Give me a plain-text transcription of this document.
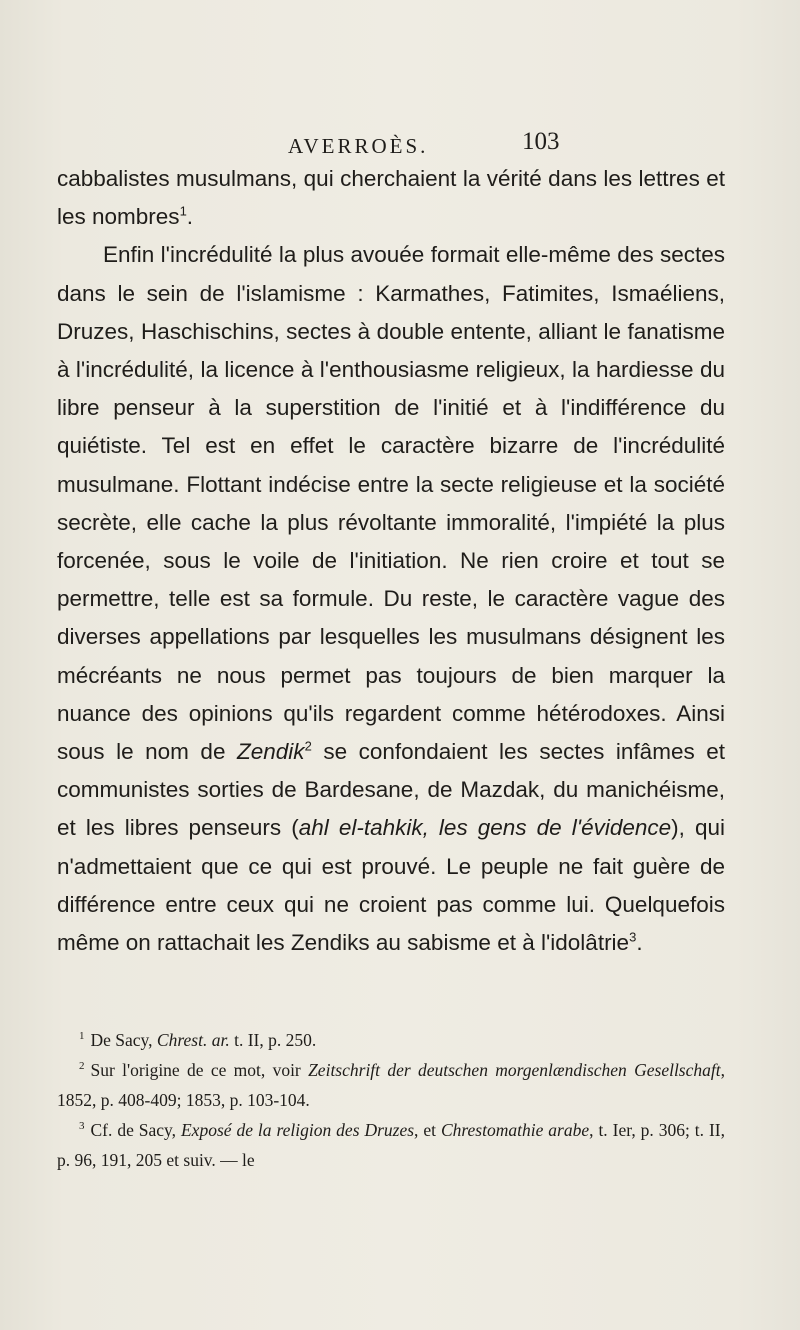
AVERROÈS.	103

cabbalistes musulmans, qui cherchaient la vérité dans les lettres et les nombres$^1$.

Enfin l'incrédulité la plus avouée formait elle-même des sectes dans le sein de l'islamisme : Karmathes, Fatimites, Ismaéliens, Druzes, Haschischins, sectes à double entente, alliant le fanatisme à l'incrédulité, la licence à l'enthousiasme religieux, la hardiesse du libre penseur à la superstition de l'initié et à l'indifférence du quiétiste. Tel est en effet le caractère bizarre de l'incrédulité musulmane. Flottant indécise entre la secte religieuse et la société secrète, elle cache la plus révoltante immoralité, l'impiété la plus forcenée, sous le voile de l'initiation. Ne rien croire et tout se permettre, telle est sa formule. Du reste, le caractère vague des diverses appellations par lesquelles les musulmans désignent les mécréants ne nous permet pas toujours de bien marquer la nuance des opinions qu'ils regardent comme hétérodoxes. Ainsi sous le nom de Zendik$^2$ se confondaient les sectes infâmes et communistes sorties de Bardesane, de Mazdak, du manichéisme, et les libres penseurs (ahl el-tahkik, les gens de l'évidence), qui n'admettaient que ce qui est prouvé. Le peuple ne fait guère de différence entre ceux qui ne croient pas comme lui. Quelquefois même on rattachait les Zendiks au sabisme et à l'idolâtrie$^3$.

$^1$ De Sacy, Chrest. ar. t. II, p. 250.

$^2$ Sur l'origine de ce mot, voir Zeitschrift der deutschen morgenlændischen Gesellschaft, 1852, p. 408-409; 1853, p. 103-104.

$^3$ Cf. de Sacy, Exposé de la religion des Druzes, et Chrestomathie arabe, t. Ier, p. 306; t. II, p. 96, 191, 205 et suiv. — le
